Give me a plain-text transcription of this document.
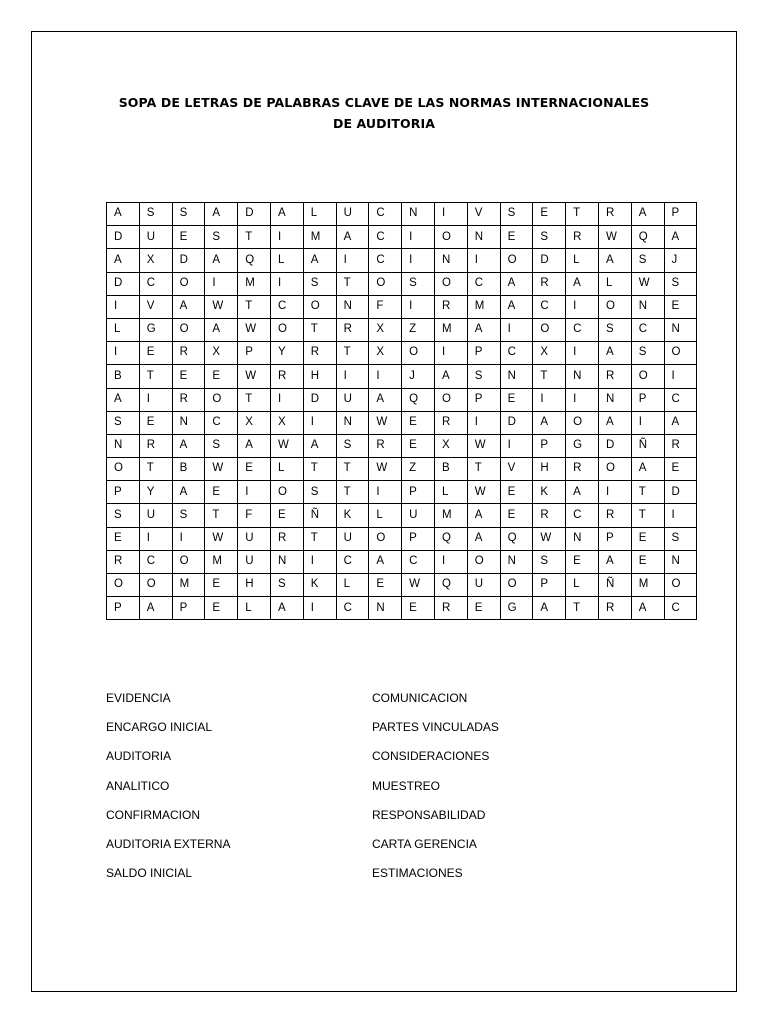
SOPA DE LETRAS DE PALABRAS CLAVE DE LAS NORMAS INTERNACIONALES
DE AUDITORIA
A	S	S	A	D	A	L	U	C	N	I	V	S	E	T	R	A	P
D	U	E	S	T	I	M	A	C	I	O	N	E	S	R	W	Q	A
A	X	D	A	Q	L	A	I	C	I	N	I	O	D	L	A	S	J
D	C	O	I	M	I	S	T	O	S	O	C	A	R	A	L	W	S
I	V	A	W	T	C	O	N	F	I	R	M	A	C	I	O	N	E
L	G	O	A	W	O	T	R	X	Z	M	A	I	O	C	S	C	N
I	E	R	X	P	Y	R	T	X	O	I	P	C	X	I	A	S	O
B	T	E	E	W	R	H	I	I	J	A	S	N	T	N	R	O	I
A	I	R	O	T	I	D	U	A	Q	O	P	E	I	I	N	P	C
S	E	N	C	X	X	I	N	W	E	R	I	D	A	O	A	I	A
N	R	A	S	A	W	A	S	R	E	X	W	I	P	G	D	Ñ	R
O	T	B	W	E	L	T	T	W	Z	B	T	V	H	R	O	A	E
P	Y	A	E	I	O	S	T	I	P	L	W	E	K	A	I	T	D
S	U	S	T	F	E	Ñ	K	L	U	M	A	E	R	C	R	T	I
E	I	I	W	U	R	T	U	O	P	Q	A	Q	W	N	P	E	S
R	C	O	M	U	N	I	C	A	C	I	O	N	S	E	A	E	N
O	O	M	E	H	S	K	L	E	W	Q	U	O	P	L	Ñ	M	O
P	A	P	E	L	A	I	C	N	E	R	E	G	A	T	R	A	C
EVIDENCIA
ENCARGO INICIAL
AUDITORIA
ANALITICO
CONFIRMACION
AUDITORIA EXTERNA
SALDO INICIAL
COMUNICACION
PARTES VINCULADAS
CONSIDERACIONES
MUESTREO
RESPONSABILIDAD
CARTA GERENCIA
ESTIMACIONES
